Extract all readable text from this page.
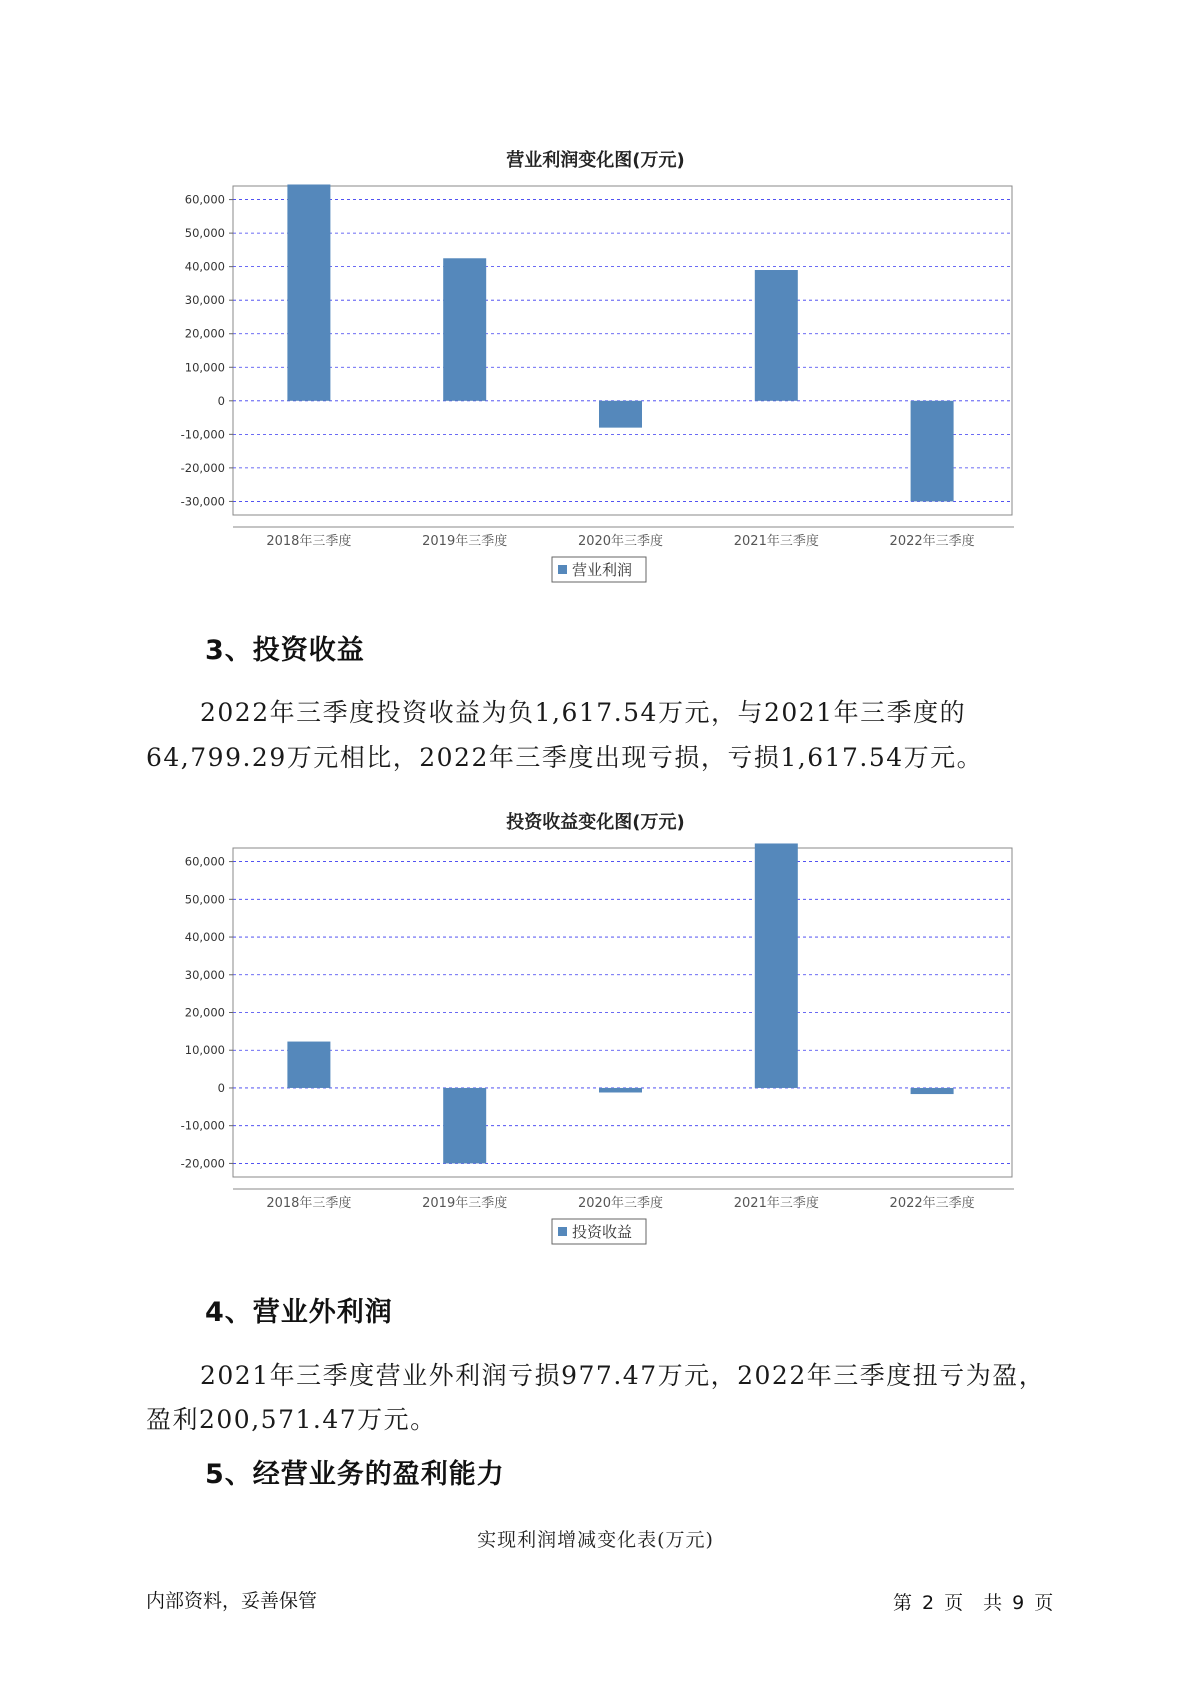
营业利润变化图(万元)
60,000
50,000
40,000
30,000
20,000
10,000
0
-10,000
-20,000
-30,000
2018年三季度	2019年三季度	2020年三季度	2021年三季度	2022年三季度
营业利润
3、投资收益
2022年三季度投资收益为负1,617.54万元，与2021年三季度的
64,799.29万元相比，2022年三季度出现亏损，亏损1,617.54万元。
投资收益变化图(万元)
60,000
50,000
40,000
30,000
20,000
10,000
0
-10,000
-20,000
2018年三季度	2019年三季度	2020年三季度	2021年三季度	2022年三季度
投资收益
4、营业外利润
2021年三季度营业外利润亏损977.47万元，2022年三季度扭亏为盈，
盈利200,571.47万元。
5、经营业务的盈利能力
实现利润增减变化表(万元)
内部资料，妥善保管	第 2 页 共 9 页
